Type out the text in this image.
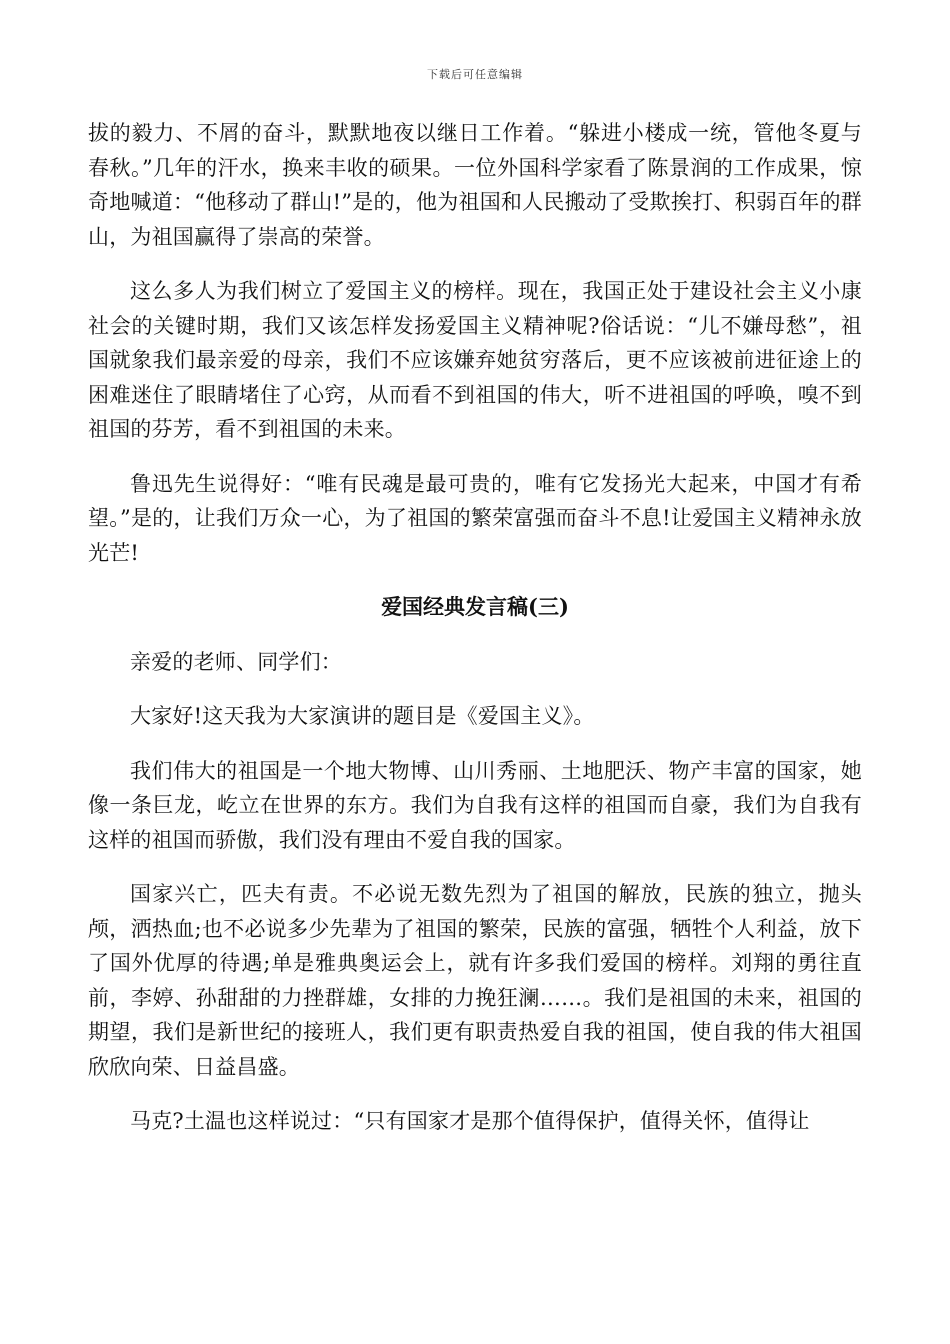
下载后可任意编辑

拔的毅力、不屑的奋斗，默默地夜以继日工作着。“躲进小楼成一统，管他冬夏与春秋。”几年的汗水，换来丰收的硕果。一位外国科学家看了陈景润的工作成果，惊奇地喊道：“他移动了群山!”是的，他为祖国和人民搬动了受欺挨打、积弱百年的群山，为祖国赢得了崇高的荣誉。

这么多人为我们树立了爱国主义的榜样。现在，我国正处于建设社会主义小康社会的关键时期，我们又该怎样发扬爱国主义精神呢?俗话说：“儿不嫌母愁”，祖国就象我们最亲爱的母亲，我们不应该嫌弃她贫穷落后，更不应该被前进征途上的困难迷住了眼睛堵住了心窍，从而看不到祖国的伟大，听不进祖国的呼唤，嗅不到祖国的芬芳，看不到祖国的未来。

鲁迅先生说得好：“唯有民魂是最可贵的，唯有它发扬光大起来，中国才有希望。”是的，让我们万众一心，为了祖国的繁荣富强而奋斗不息!让爱国主义精神永放光芒!

爱国经典发言稿(三)

亲爱的老师、同学们：

大家好!这天我为大家演讲的题目是《爱国主义》。

我们伟大的祖国是一个地大物博、山川秀丽、土地肥沃、物产丰富的国家，她像一条巨龙，屹立在世界的东方。我们为自我有这样的祖国而自豪，我们为自我有这样的祖国而骄傲，我们没有理由不爱自我的国家。

国家兴亡，匹夫有责。不必说无数先烈为了祖国的解放，民族的独立，抛头颅，洒热血;也不必说多少先辈为了祖国的繁荣，民族的富强，牺牲个人利益，放下了国外优厚的待遇;单是雅典奥运会上，就有许多我们爱国的榜样。刘翔的勇往直前，李婷、孙甜甜的力挫群雄，女排的力挽狂澜……。我们是祖国的未来，祖国的期望，我们是新世纪的接班人，我们更有职责热爱自我的祖国，使自我的伟大祖国欣欣向荣、日益昌盛。

马克?土温也这样说过：“只有国家才是那个值得保护，值得关怀，值得让
